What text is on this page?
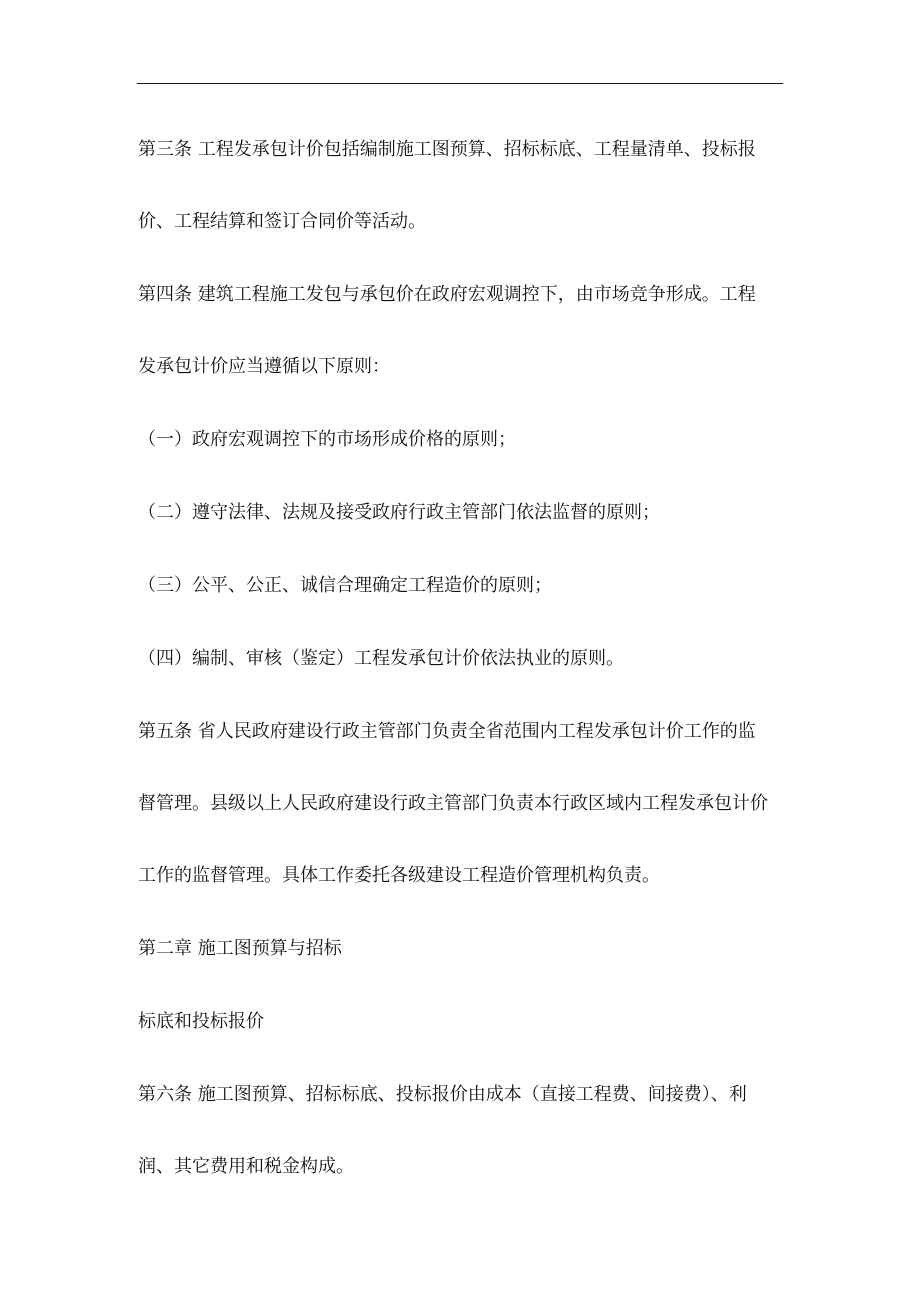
第三条 工程发承包计价包括编制施工图预算、招标标底、工程量清单、投标报
价、工程结算和签订合同价等活动。
第四条 建筑工程施工发包与承包价在政府宏观调控下，由市场竞争形成。工程
发承包计价应当遵循以下原则：
（一）政府宏观调控下的市场形成价格的原则；
（二）遵守法律、法规及接受政府行政主管部门依法监督的原则；
（三）公平、公正、诚信合理确定工程造价的原则；
（四）编制、审核（鉴定）工程发承包计价依法执业的原则。
第五条 省人民政府建设行政主管部门负责全省范围内工程发承包计价工作的监
督管理。县级以上人民政府建设行政主管部门负责本行政区域内工程发承包计价
工作的监督管理。具体工作委托各级建设工程造价管理机构负责。
第二章 施工图预算与招标
标底和投标报价
第六条 施工图预算、招标标底、投标报价由成本（直接工程费、间接费）、利
润、其它费用和税金构成。
